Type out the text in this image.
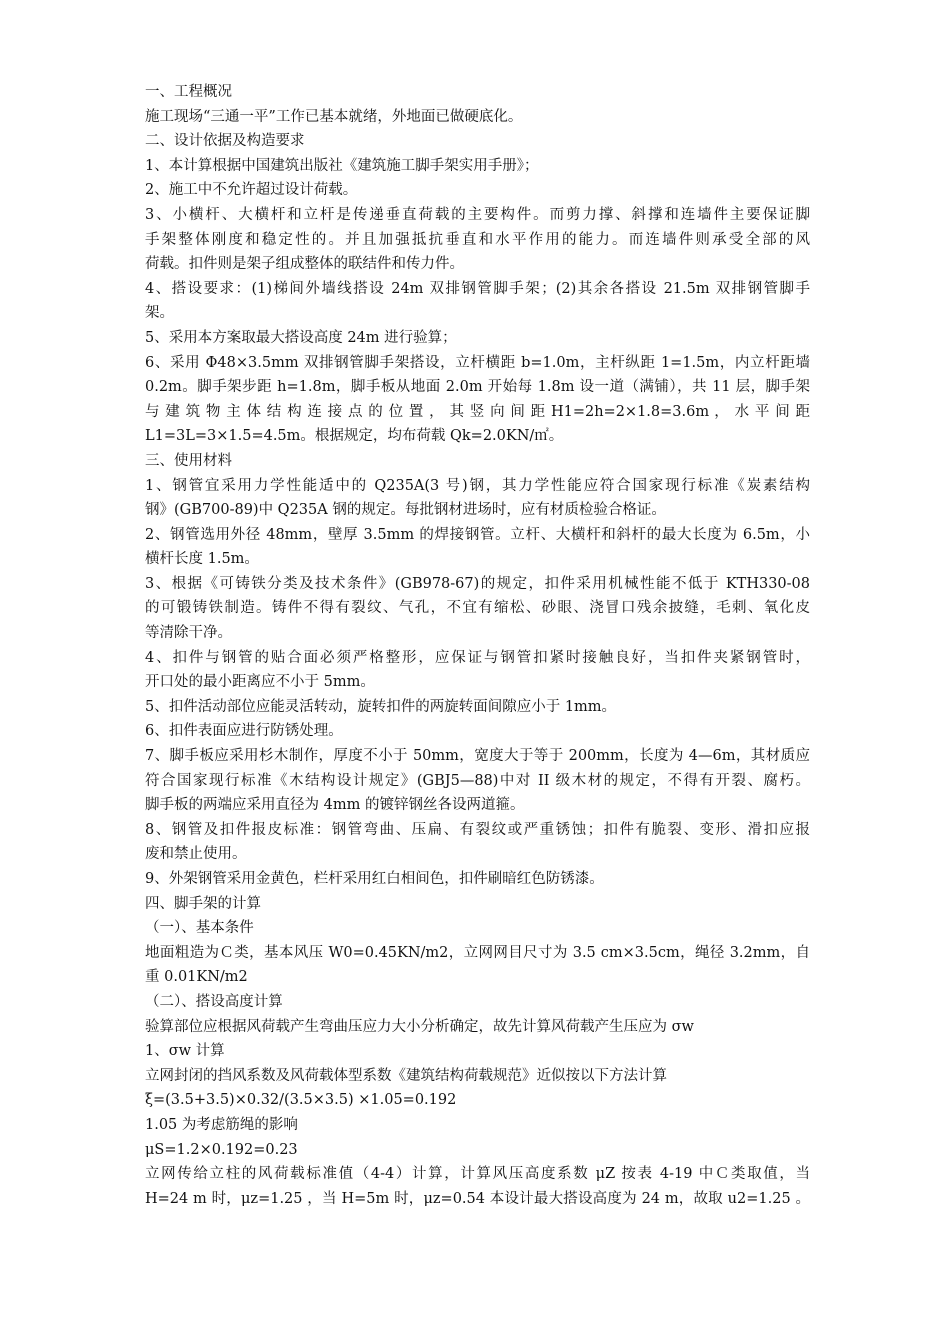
一、工程概况
施工现场“三通一平”工作已基本就绪，外地面已做硬底化。
二、设计依据及构造要求
1、本计算根据中国建筑出版社《建筑施工脚手架实用手册》；
2、施工中不允许超过设计荷载。
3、小横杆、大横杆和立杆是传递垂直荷载的主要构件。而剪力撑、斜撑和连墙件主要保证脚
手架整体刚度和稳定性的。并且加强抵抗垂直和水平作用的能力。而连墙件则承受全部的风
荷载。扣件则是架子组成整体的联结件和传力件。
4、搭设要求：(1)梯间外墙线搭设 24m 双排钢管脚手架；(2)其余各搭设 21.5m 双排钢管脚手
架。
5、采用本方案取最大搭设高度 24m 进行验算；
6、采用 Φ48×3.5mm 双排钢管脚手架搭设，立杆横距 b=1.0m，主杆纵距 1=1.5m，内立杆距墙
0.2m。脚手架步距 h=1.8m，脚手板从地面 2.0m 开始每 1.8m 设一道（满铺），共 11 层，脚手架
与 建 筑 物 主 体 结 构 连 接 点 的 位 置 ， 其 竖 向 间 距 H1=2h=2×1.8=3.6m ， 水 平 间 距
L1=3L=3×1.5=4.5m。根据规定，均布荷载 Qk=2.0KN/㎡。
三、使用材料
1、钢管宜采用力学性能适中的 Q235A(3 号)钢，其力学性能应符合国家现行标准《炭素结构
钢》(GB700-89)中 Q235A 钢的规定。每批钢材进场时，应有材质检验合格证。
2、钢管选用外径 48mm，壁厚 3.5mm 的焊接钢管。立杆、大横杆和斜杆的最大长度为 6.5m，小
横杆长度 1.5m。
3、根据《可铸铁分类及技术条件》(GB978-67)的规定，扣件采用机械性能不低于 KTH330-08
的可锻铸铁制造。铸件不得有裂纹、气孔，不宜有缩松、砂眼、浇冒口残余披缝，毛刺、氧化皮
等清除干净。
4、扣件与钢管的贴合面必须严格整形，应保证与钢管扣紧时接触良好，当扣件夹紧钢管时，
开口处的最小距离应不小于 5mm。
5、扣件活动部位应能灵活转动，旋转扣件的两旋转面间隙应小于 1mm。
6、扣件表面应进行防锈处理。
7、脚手板应采用杉木制作，厚度不小于 50mm，宽度大于等于 200mm，长度为 4—6m，其材质应
符合国家现行标准《木结构设计规定》(GBJ5—88)中对 II 级木材的规定，不得有开裂、腐朽。
脚手板的两端应采用直径为 4mm 的镀锌钢丝各设两道箍。
8、钢管及扣件报皮标准：钢管弯曲、压扁、有裂纹或严重锈蚀；扣件有脆裂、变形、滑扣应报
废和禁止使用。
9、外架钢管采用金黄色，栏杆采用红白相间色，扣件刷暗红色防锈漆。
四、脚手架的计算
（一）、基本条件
地面粗造为Ｃ类，基本风压 W0=0.45KN/m2，立网网目尺寸为 3.5 cm×3.5cm，绳径 3.2mm，自
重 0.01KN/m2
（二）、搭设高度计算
验算部位应根据风荷载产生弯曲压应力大小分析确定，故先计算风荷载产生压应为 σw
1、σw 计算
立网封闭的挡风系数及风荷载体型系数《建筑结构荷载规范》近似按以下方法计算
ξ=(3.5+3.5)×0.32/(3.5×3.5) ×1.05=0.192
1.05 为考虑筋绳的影响
μS=1.2×0.192=0.23
立网传给立柱的风荷载标准值（4-4）计算，计算风压高度系数 μZ 按表 4-19 中Ｃ类取值，当
H=24 m 时，μz=1.25 ，当 H=5m 时，μz=0.54 本设计最大搭设高度为 24 m，故取 u2=1.25 。
